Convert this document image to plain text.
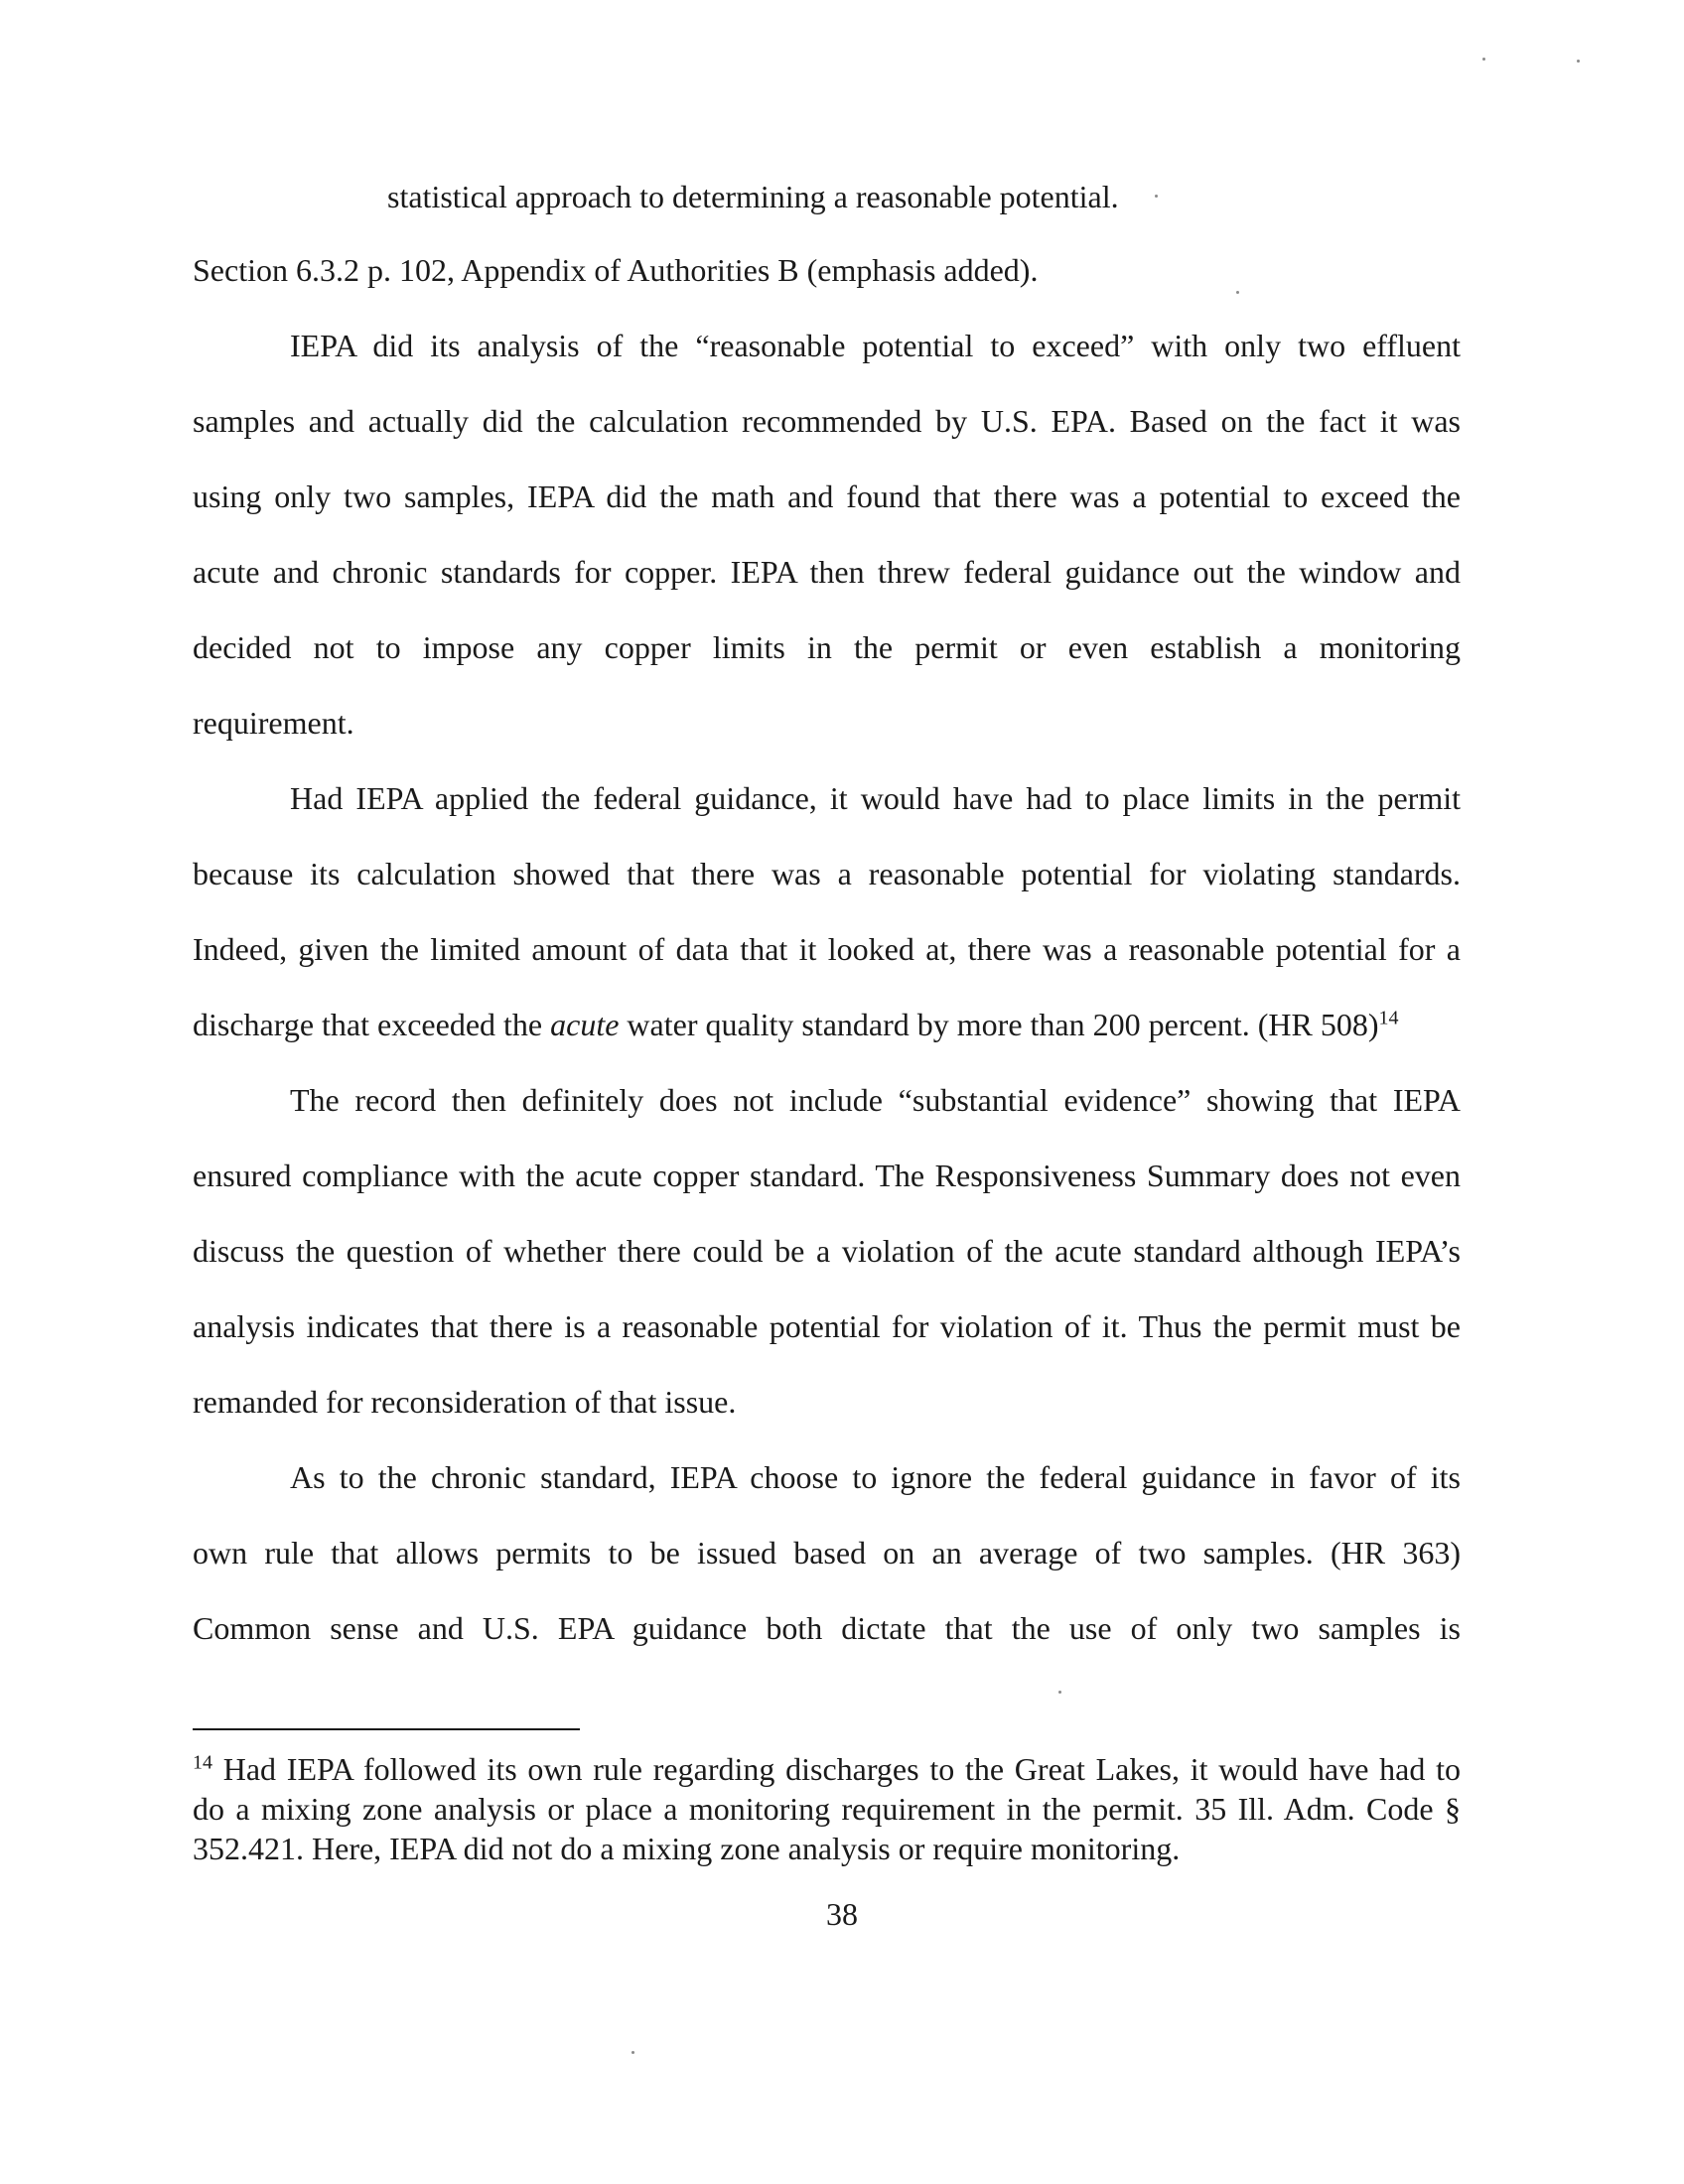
statistical approach to determining a reasonable potential.
Section 6.3.2 p. 102, Appendix of Authorities B (emphasis added).
IEPA did its analysis of the “reasonable potential to exceed” with only two effluent
samples and actually did the calculation recommended by U.S. EPA. Based on the fact it was
using only two samples, IEPA did the math and found that there was a potential to exceed the
acute and chronic standards for copper. IEPA then threw federal guidance out the window and
decided not to impose any copper limits in the permit or even establish a monitoring
requirement.
Had IEPA applied the federal guidance, it would have had to place limits in the permit
because its calculation showed that there was a reasonable potential for violating standards.
Indeed, given the limited amount of data that it looked at, there was a reasonable potential for a
discharge that exceeded the acute water quality standard by more than 200 percent. (HR 508)$^{14}$
The record then definitely does not include “substantial evidence” showing that IEPA
ensured compliance with the acute copper standard. The Responsiveness Summary does not even
discuss the question of whether there could be a violation of the acute standard although IEPA’s
analysis indicates that there is a reasonable potential for violation of it. Thus the permit must be
remanded for reconsideration of that issue.
As to the chronic standard, IEPA choose to ignore the federal guidance in favor of its
own rule that allows permits to be issued based on an average of two samples. (HR 363)
Common sense and U.S. EPA guidance both dictate that the use of only two samples is
$^{14}$ Had IEPA followed its own rule regarding discharges to the Great Lakes, it would have had to
do a mixing zone analysis or place a monitoring requirement in the permit. 35 Ill. Adm. Code §
352.421. Here, IEPA did not do a mixing zone analysis or require monitoring.
38
